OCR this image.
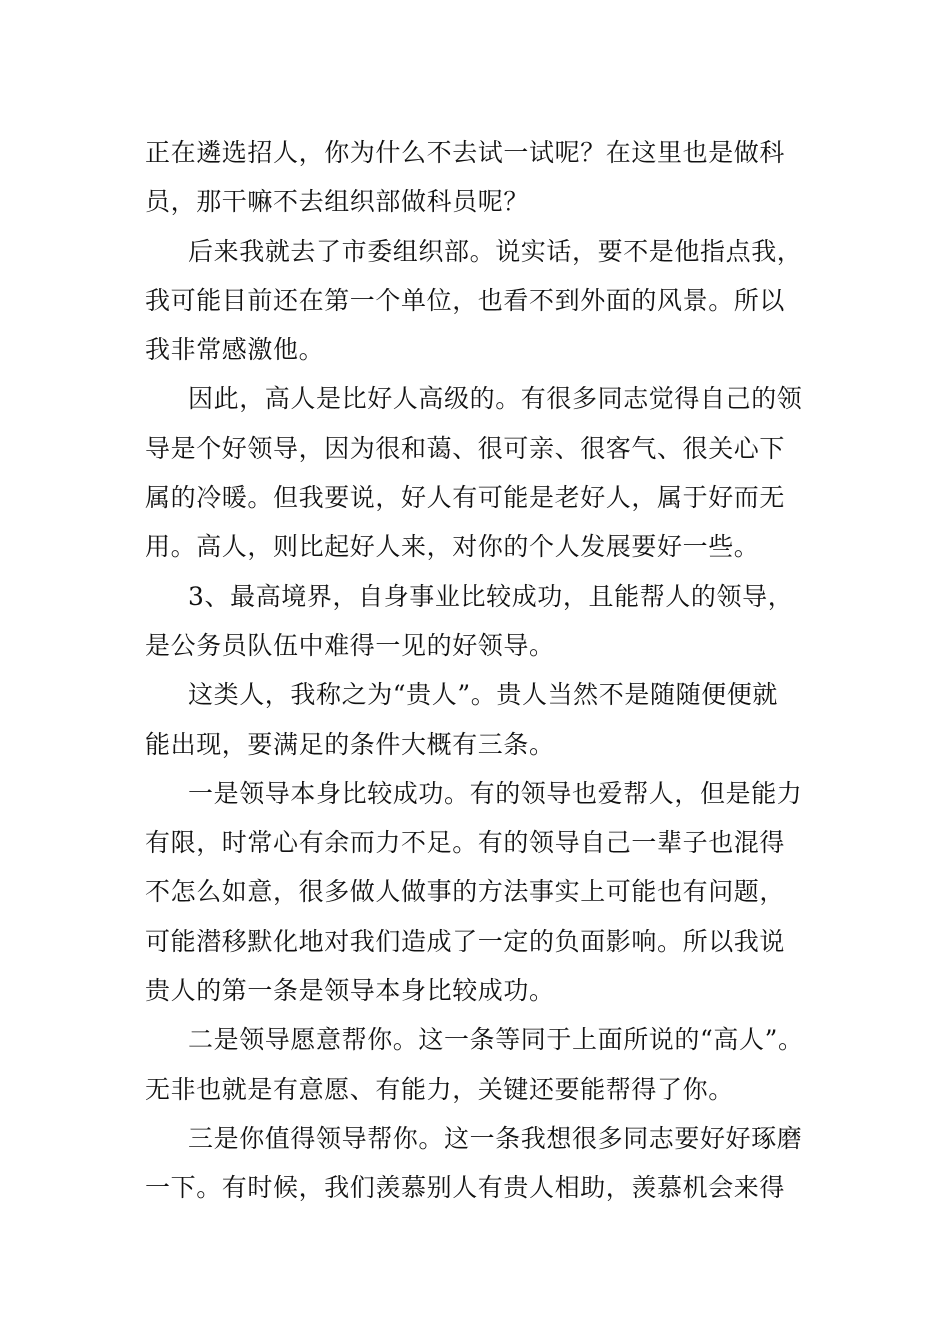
正在遴选招人，你为什么不去试一试呢？在这里也是做科
员，那干嘛不去组织部做科员呢？
后来我就去了市委组织部。说实话，要不是他指点我，
我可能目前还在第一个单位，也看不到外面的风景。所以
我非常感激他。
因此，高人是比好人高级的。有很多同志觉得自己的领
导是个好领导，因为很和蔼、很可亲、很客气、很关心下
属的冷暖。但我要说，好人有可能是老好人，属于好而无
用。高人，则比起好人来，对你的个人发展要好一些。
3、最高境界，自身事业比较成功，且能帮人的领导，
是公务员队伍中难得一见的好领导。
这类人，我称之为“贵人”。贵人当然不是随随便便就
能出现，要满足的条件大概有三条。
一是领导本身比较成功。有的领导也爱帮人，但是能力
有限，时常心有余而力不足。有的领导自己一辈子也混得
不怎么如意，很多做人做事的方法事实上可能也有问题，
可能潜移默化地对我们造成了一定的负面影响。所以我说
贵人的第一条是领导本身比较成功。
二是领导愿意帮你。这一条等同于上面所说的“高人”。
无非也就是有意愿、有能力，关键还要能帮得了你。
三是你值得领导帮你。这一条我想很多同志要好好琢磨
一下。有时候，我们羡慕别人有贵人相助，羡慕机会来得
